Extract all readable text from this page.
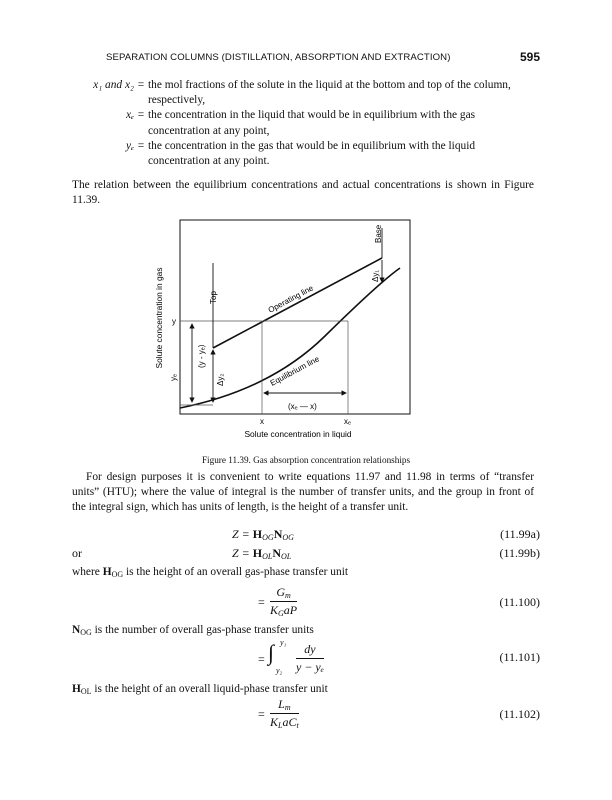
SEPARATION COLUMNS (DISTILLATION, ABSORPTION AND EXTRACTION)	595
x₁ and x₂ = the mol fractions of the solute in the liquid at the bottom and top of the column, respectively,
xₑ = the concentration in the liquid that would be in equilibrium with the gas concentration at any point,
yₑ = the concentration in the gas that would be in equilibrium with the liquid concentration at any point.
The relation between the equilibrium concentrations and actual concentrations is shown in Figure 11.39.
Operating line
Equilibrium line
Top
Base
Δy₂
Δy₁
(y - yₑ)
(xₑ — x)
y
yₑ
x	xₑ
Solute concentration in liquid
Solute concentration in gas
Figure 11.39. Gas absorption concentration relationships
For design purposes it is convenient to write equations 11.97 and 11.98 in terms of “transfer units” (HTU); where the value of integral is the number of transfer units, and the group in front of the integral sign, which has units of length, is the height of a transfer unit.
$Z = H_{OG}N_{OG}$	(11.99a)
or	$Z = H_{OL}N_{OL}$	(11.99b)
where $H_{OG}$ is the height of an overall gas-phase transfer unit
=
$G_m$
$K_GaP$
(11.100)
$N_{OG}$ is the number of overall gas-phase transfer units
= ∫ y₁
$y_2 \frac{dy}{\text{y − yₑ}}$	(11.101)
$H_{OL}$ is the height of an overall liquid-phase transfer unit
=
$L_m$
$K_LaC_t$
(11.102)
